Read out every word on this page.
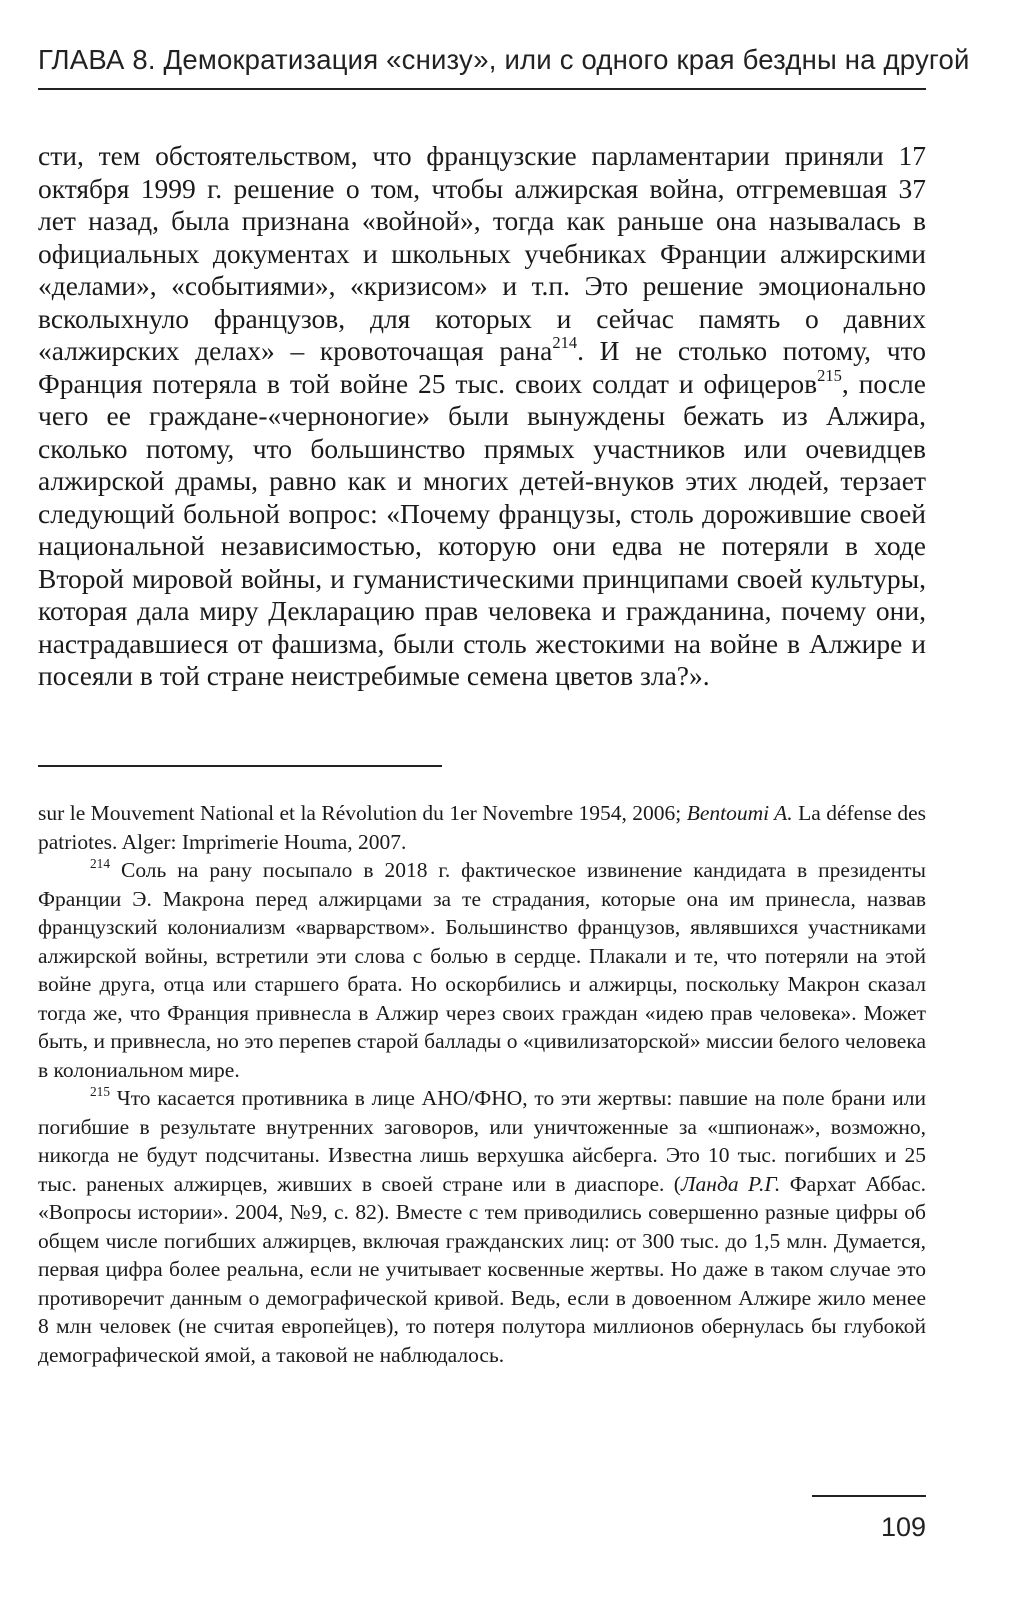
ГЛАВА 8. Демократизация «снизу», или с одного края бездны на другой

сти, тем обстоятельством, что французские парламентарии приняли 17 октября 1999 г. решение о том, чтобы алжирская война, отгремевшая 37 лет назад, была признана «войной», тогда как раньше она называлась в официальных документах и школьных учебниках Франции алжирскими «делами», «событиями», «кризисом» и т.п. Это решение эмоционально всколыхнуло французов, для которых и сейчас память о давних «алжирских делах» – кровоточащая рана$^{214}$. И не столько потому, что Франция потеряла в той войне 25 тыс. своих солдат и офицеров$^{215}$, после чего ее граждане-«черноногие» были вынуждены бежать из Алжира, сколько потому, что большинство прямых участников или очевидцев алжирской драмы, равно как и многих детей-внуков этих людей, терзает следующий больной вопрос: «Почему французы, столь дорожившие своей национальной независимостью, которую они едва не потеряли в ходе Второй мировой войны, и гуманистическими принципами своей культуры, которая дала миру Декларацию прав человека и гражданина, почему они, настрадавшиеся от фашизма, были столь жестокими на войне в Алжире и посеяли в той стране неистребимые семена цветов зла?».

sur le Mouvement National et la Révolution du 1er Novembre 1954, 2006; Bentoumi A. La défense des patriotes. Alger: Imprimerie Houma, 2007.

$^{214}$ Соль на рану посыпало в 2018 г. фактическое извинение кандидата в президенты Франции Э. Макрона перед алжирцами за те страдания, которые она им принесла, назвав французский колониализм «варварством». Большинство французов, являвшихся участниками алжирской войны, встретили эти слова с болью в сердце. Плакали и те, что потеряли на этой войне друга, отца или старшего брата. Но оскорбились и алжирцы, поскольку Макрон сказал тогда же, что Франция привнесла в Алжир через своих граждан «идею прав человека». Может быть, и привнесла, но это перепев старой баллады о «цивилизаторской» миссии белого человека в колониальном мире.

$^{215}$ Что касается противника в лице АНО/ФНО, то эти жертвы: павшие на поле брани или погибшие в результате внутренних заговоров, или уничтоженные за «шпионаж», возможно, никогда не будут подсчитаны. Известна лишь верхушка айсберга. Это 10 тыс. погибших и 25 тыс. раненых алжирцев, живших в своей стране или в диаспоре. (Ланда Р.Г. Фархат Аббас. «Вопросы истории». 2004, №9, с. 82). Вместе с тем приводились совершенно разные цифры об общем числе погибших алжирцев, включая гражданских лиц: от 300 тыс. до 1,5 млн. Думается, первая цифра более реальна, если не учитывает косвенные жертвы. Но даже в таком случае это противоречит данным о демографической кривой. Ведь, если в довоенном Алжире жило менее 8 млн человек (не считая европейцев), то потеря полутора миллионов обернулась бы глубокой демографической ямой, а таковой не наблюдалось.

109
